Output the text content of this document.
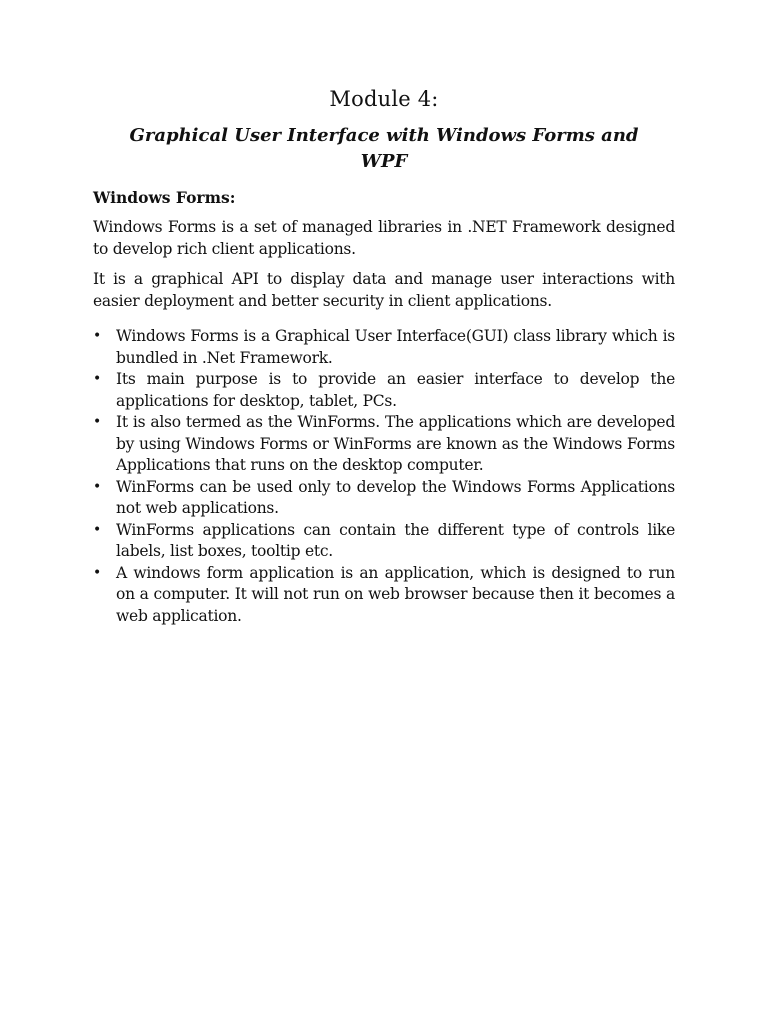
Module 4:
Graphical User Interface with Windows Forms and WPF
Windows Forms:

Windows Forms is a set of managed libraries in .NET Framework designed to develop rich client applications.

It is a graphical API to display data and manage user interactions with easier deployment and better security in client applications.

• Windows Forms is a Graphical User Interface(GUI) class library which is bundled in .Net Framework.
• Its main purpose is to provide an easier interface to develop the applications for desktop, tablet, PCs.
• It is also termed as the WinForms. The applications which are developed by using Windows Forms or WinForms are known as the Windows Forms Applications that runs on the desktop computer.
• WinForms can be used only to develop the Windows Forms Applications not web applications.
• WinForms applications can contain the different type of controls like labels, list boxes, tooltip etc.
• A windows form application is an application, which is designed to run on a computer. It will not run on web browser because then it becomes a web application.
